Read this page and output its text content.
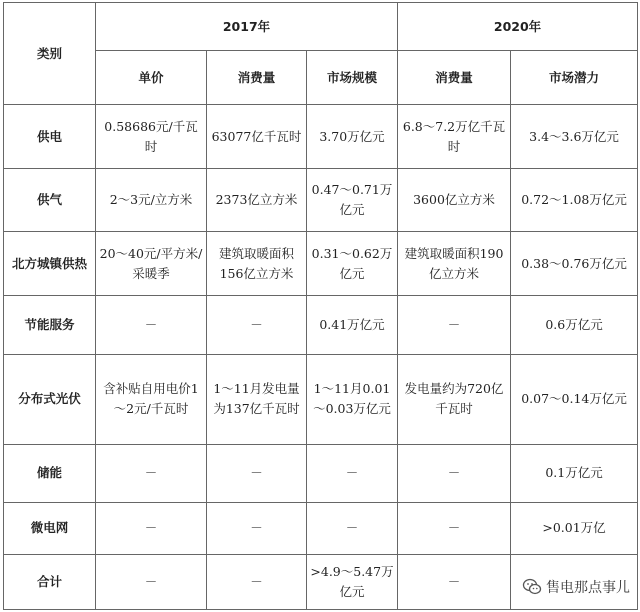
类别	2017年			2020年	
	单价	消费量	市场规模	消费量	市场潜力
供电	0.58686元/千瓦时	63077亿千瓦时	3.70万亿元	6.8～7.2万亿千瓦时	3.4～3.6万亿元
供气	2～3元/立方米	2373亿立方米	0.47～0.71万亿元	3600亿立方米	0.72～1.08万亿元
北方城镇供热	20～40元/平方米/采暖季	建筑取暖面积156亿立方米	0.31～0.62万亿元	建筑取暖面积190亿立方米	0.38～0.76万亿元
节能服务	－	－	0.41万亿元	－	0.6万亿元
分布式光伏	含补贴自用电价1～2元/千瓦时	1～11月发电量为137亿千瓦时	1～11月0.01～0.03万亿元	发电量约为720亿千瓦时	0.07～0.14万亿元
储能	－	－	－	－	0.1万亿元
微电网	－	－	－	－	>0.01万亿
合计	－	－	>4.9～5.47万亿元	－		售电那点事儿
